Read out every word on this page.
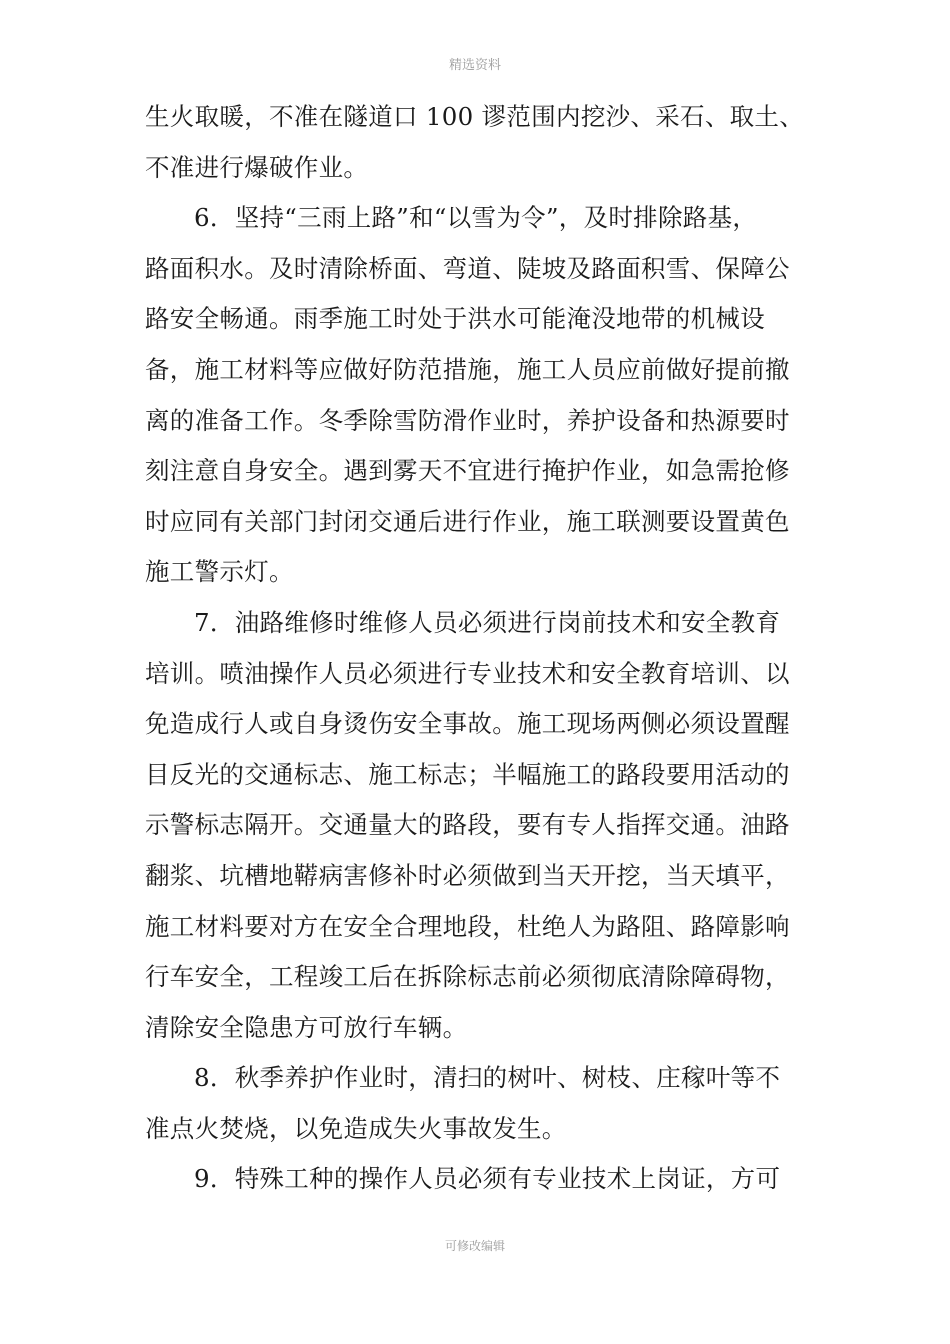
精选资料
生火取暖，不准在隧道口 100 谬范围内挖沙、采石、取土、
不准进行爆破作业。
6．坚持“三雨上路”和“以雪为令”，及时排除路基，
路面积水。及时清除桥面、弯道、陡坡及路面积雪、保障公
路安全畅通。雨季施工时处于洪水可能淹没地带的机械设
备，施工材料等应做好防范措施，施工人员应前做好提前撤
离的准备工作。冬季除雪防滑作业时，养护设备和热源要时
刻注意自身安全。遇到雾天不宜进行掩护作业，如急需抢修
时应同有关部门封闭交通后进行作业，施工联测要设置黄色
施工警示灯。
7．油路维修时维修人员必须进行岗前技术和安全教育
培训。喷油操作人员必须进行专业技术和安全教育培训、以
免造成行人或自身烫伤安全事故。施工现场两侧必须设置醒
目反光的交通标志、施工标志；半幅施工的路段要用活动的
示警标志隔开。交通量大的路段，要有专人指挥交通。油路
翻浆、坑槽地鞯病害修补时必须做到当天开挖，当天填平，
施工材料要对方在安全合理地段，杜绝人为路阻、路障影响
行车安全，工程竣工后在拆除标志前必须彻底清除障碍物，
清除安全隐患方可放行车辆。
8．秋季养护作业时，清扫的树叶、树枝、庄稼叶等不
准点火焚烧，以免造成失火事故发生。
9．特殊工种的操作人员必须有专业技术上岗证，方可
可修改编辑
